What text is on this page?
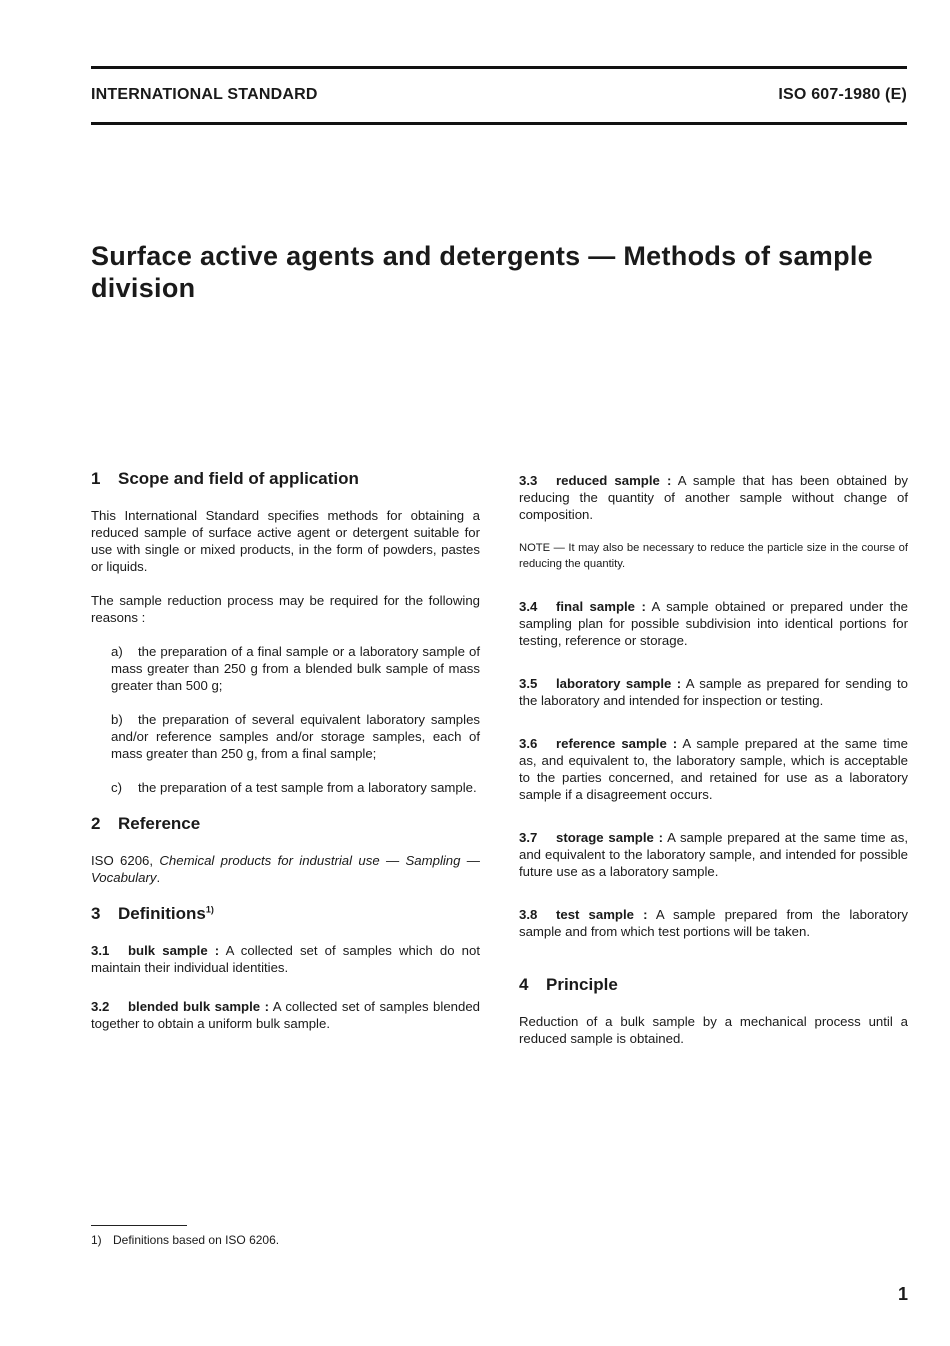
INTERNATIONAL STANDARD	ISO 607-1980 (E)
Surface active agents and detergents — Methods of sample division
1 Scope and field of application

This International Standard specifies methods for obtaining a reduced sample of surface active agent or detergent suitable for use with single or mixed products, in the form of powders, pastes or liquids.

The sample reduction process may be required for the following reasons :

a) the preparation of a final sample or a laboratory sample of mass greater than 250 g from a blended bulk sample of mass greater than 500 g;

b) the preparation of several equivalent laboratory samples and/or reference samples and/or storage samples, each of mass greater than 250 g, from a final sample;

c) the preparation of a test sample from a laboratory sample.

2 Reference

ISO 6206, Chemical products for industrial use — Sampling — Vocabulary.

3 Definitions$^{1)}$

3.1 bulk sample : A collected set of samples which do not maintain their individual identities.

3.2 blended bulk sample : A collected set of samples blended together to obtain a uniform bulk sample.

3.3 reduced sample : A sample that has been obtained by reducing the quantity of another sample without change of composition.

NOTE — It may also be necessary to reduce the particle size in the course of reducing the quantity.

3.4 final sample : A sample obtained or prepared under the sampling plan for possible subdivision into identical portions for testing, reference or storage.

3.5 laboratory sample : A sample as prepared for sending to the laboratory and intended for inspection or testing.

3.6 reference sample : A sample prepared at the same time as, and equivalent to, the laboratory sample, which is acceptable to the parties concerned, and retained for use as a laboratory sample if a disagreement occurs.

3.7 storage sample : A sample prepared at the same time as, and equivalent to the laboratory sample, and intended for possible future use as a laboratory sample.

3.8 test sample : A sample prepared from the laboratory sample and from which test portions will be taken.

4 Principle

Reduction of a bulk sample by a mechanical process until a reduced sample is obtained.

1) Definitions based on ISO 6206.
1
